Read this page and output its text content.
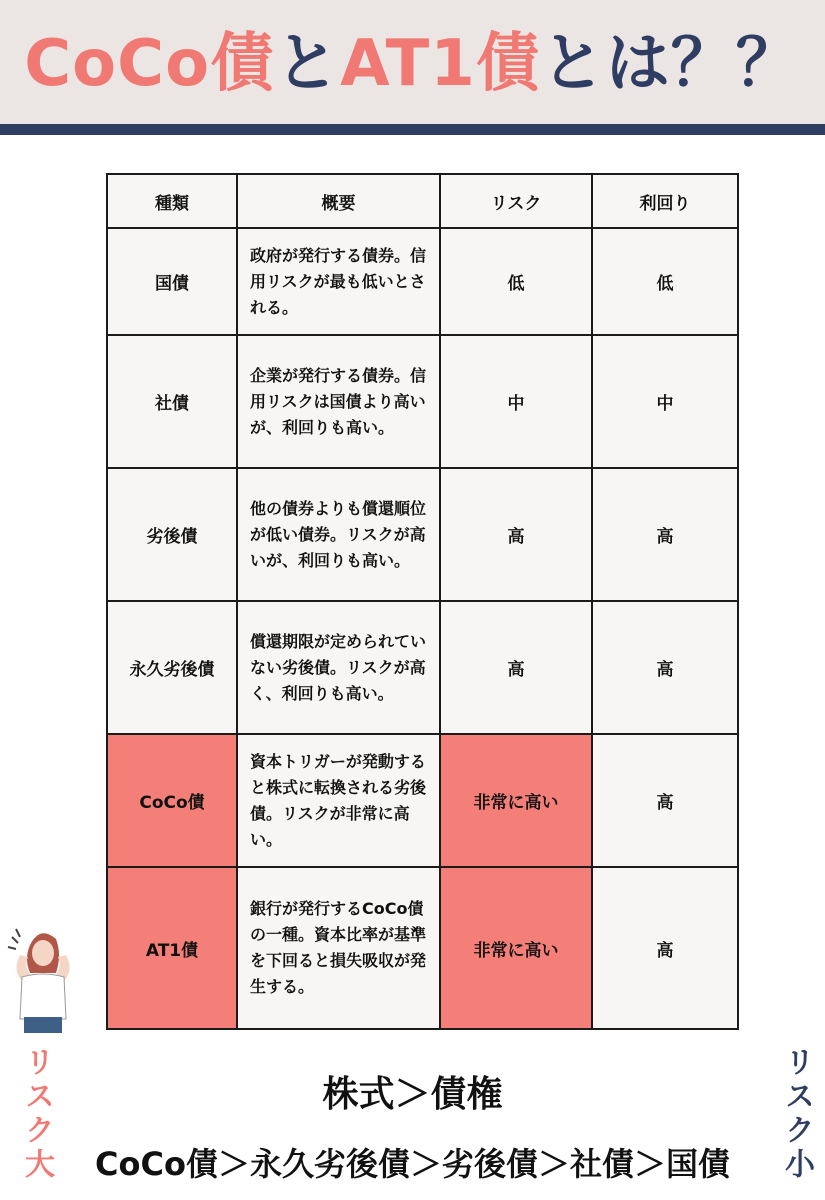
CoCo債とAT1債とは？？
種類	概要	リスク	利回り
国債	政府が発行する債券。信用リスクが最も低いとされる。	低	低
社債	企業が発行する債券。信用リスクは国債より高いが、利回りも高い。	中	中
劣後債	他の債券よりも償還順位が低い債券。リスクが高いが、利回りも高い。	高	高
永久劣後債	償還期限が定められていない劣後債。リスクが高く、利回りも高い。	高	高
CoCo債	資本トリガーが発動すると株式に転換される劣後債。リスクが非常に高い。	非常に高い	高
AT1債	銀行が発行するCoCo債の一種。資本比率が基準を下回ると損失吸収が発生する。	非常に高い	高
リスク大	リスク小
株式＞債権
CoCo債＞永久劣後債＞劣後債＞社債＞国債
